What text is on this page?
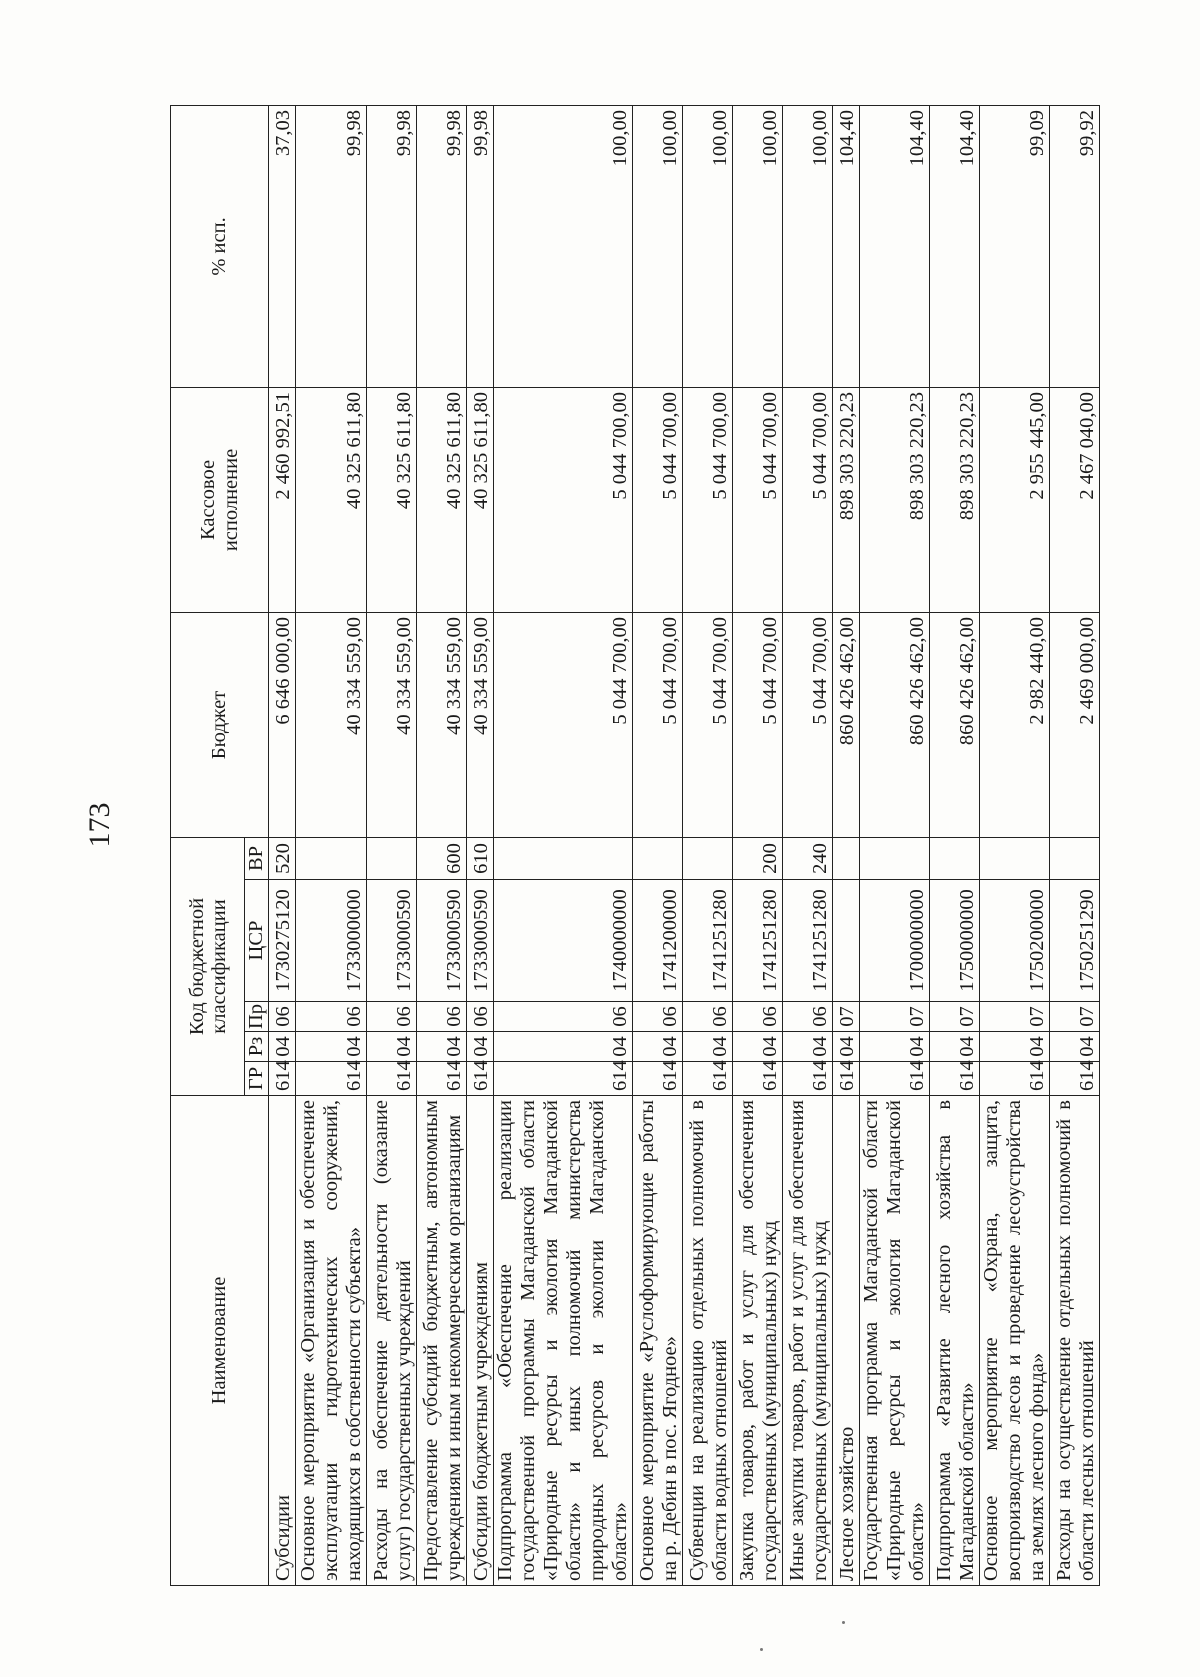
173
Наименование	Код бюджетной классификации					Бюджет	Кассовое исполнение	% исп.
	ГР	Рз	Пр	ЦСР	ВР			
Субсидии	614	04	06	1730275120	520	6 646 000,00	2 460 992,51	37,03
Основное мероприятие «Организация и обеспечение эксплуатации гидротехнических сооружений, находящихся в собственности субъекта»	614	04	06	1733000000		40 334 559,00	40 325 611,80	99,98
Расходы на обеспечение деятельности (оказание услуг) государственных учреждений	614	04	06	1733000590		40 334 559,00	40 325 611,80	99,98
Предоставление субсидий бюджетным, автономным учреждениям и иным некоммерческим организациям	614	04	06	1733000590	600	40 334 559,00	40 325 611,80	99,98
Субсидии бюджетным учреждениям	614	04	06	1733000590	610	40 334 559,00	40 325 611,80	99,98
Подпрограмма «Обеспечение реализации государственной программы Магаданской области «Природные ресурсы и экология Магаданской области» и иных полномочий министерства природных ресурсов и экологии Магаданской области»	614	04	06	1740000000		5 044 700,00	5 044 700,00	100,00
Основное мероприятие «Руслоформирующие работы на р. Дебин в пос. Ягодное»	614	04	06	1741200000		5 044 700,00	5 044 700,00	100,00
Субвенции на реализацию отдельных полномочий в области водных отношений	614	04	06	1741251280		5 044 700,00	5 044 700,00	100,00
Закупка товаров, работ и услуг для обеспечения государственных (муниципальных) нужд	614	04	06	1741251280	200	5 044 700,00	5 044 700,00	100,00
Иные закупки товаров, работ и услуг для обеспечения государственных (муниципальных) нужд	614	04	06	1741251280	240	5 044 700,00	5 044 700,00	100,00
Лесное хозяйство	614	04	07			860 426 462,00	898 303 220,23	104,40
Государственная программа Магаданской области «Природные ресурсы и экология Магаданской области»	614	04	07	1700000000		860 426 462,00	898 303 220,23	104,40
Подпрограмма «Развитие лесного хозяйства в Магаданской области»	614	04	07	1750000000		860 426 462,00	898 303 220,23	104,40
Основное мероприятие «Охрана, защита, воспроизводство лесов и проведение лесоустройства на землях лесного фонда»	614	04	07	1750200000		2 982 440,00	2 955 445,00	99,09
Расходы на осуществление отдельных полномочий в области лесных отношений	614	04	07	1750251290		2 469 000,00	2 467 040,00	99,92
